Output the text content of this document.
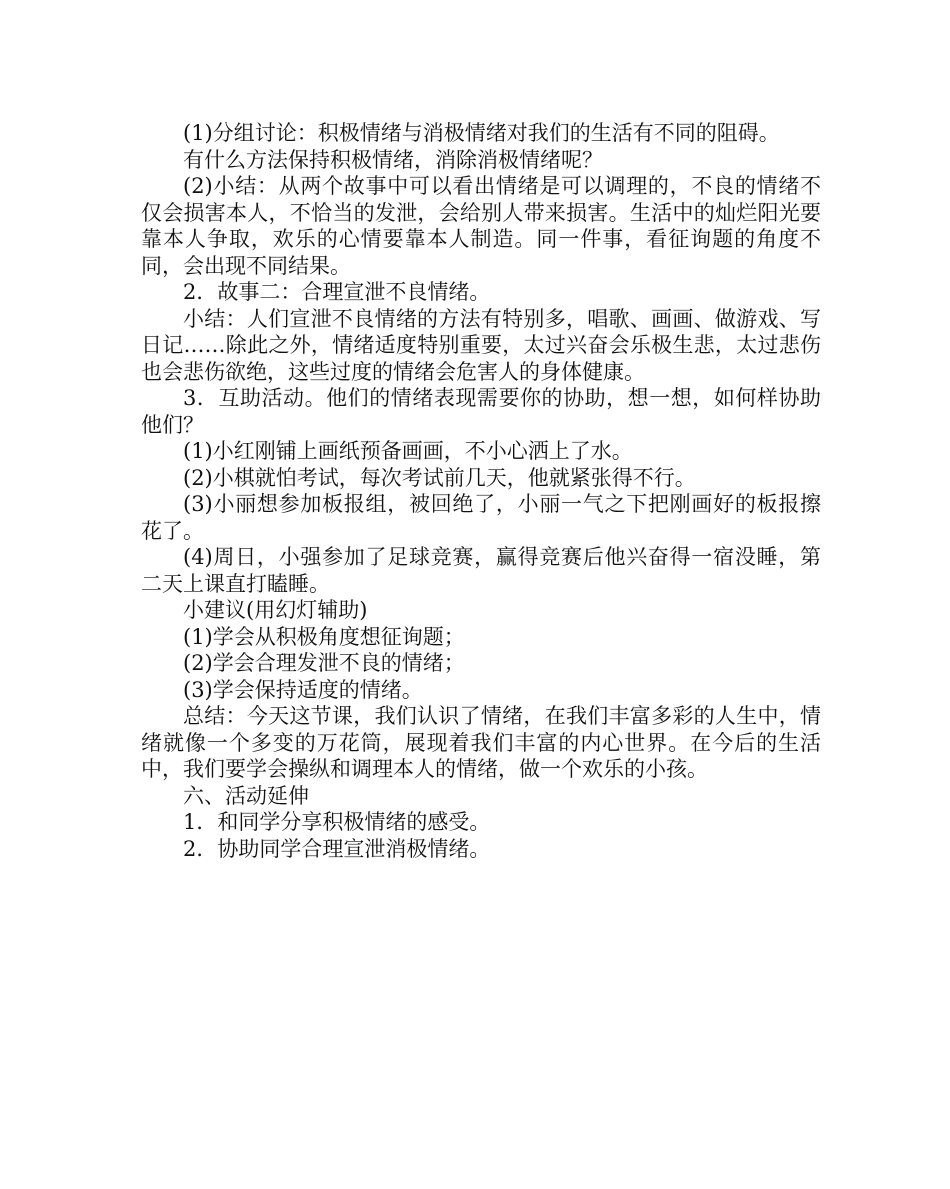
(1)分组讨论：积极情绪与消极情绪对我们的生活有不同的阻碍。

有什么方法保持积极情绪，消除消极情绪呢？

(2)小结：从两个故事中可以看出情绪是可以调理的，不良的情绪不仅会损害本人，不恰当的发泄，会给别人带来损害。生活中的灿烂阳光要靠本人争取，欢乐的心情要靠本人制造。同一件事，看征询题的角度不同，会出现不同结果。

2．故事二：合理宣泄不良情绪。

小结：人们宣泄不良情绪的方法有特别多，唱歌、画画、做游戏、写日记……除此之外，情绪适度特别重要，太过兴奋会乐极生悲，太过悲伤也会悲伤欲绝，这些过度的情绪会危害人的身体健康。

3．互助活动。他们的情绪表现需要你的协助，想一想，如何样协助他们？

(1)小红刚铺上画纸预备画画，不小心洒上了水。

(2)小棋就怕考试，每次考试前几天，他就紧张得不行。

(3)小丽想参加板报组，被回绝了，小丽一气之下把刚画好的板报擦花了。

(4)周日，小强参加了足球竞赛，赢得竞赛后他兴奋得一宿没睡，第二天上课直打瞌睡。

小建议(用幻灯辅助)

(1)学会从积极角度想征询题；

(2)学会合理发泄不良的情绪；

(3)学会保持适度的情绪。

总结：今天这节课，我们认识了情绪，在我们丰富多彩的人生中，情绪就像一个多变的万花筒，展现着我们丰富的内心世界。在今后的生活中，我们要学会操纵和调理本人的情绪，做一个欢乐的小孩。

六、活动延伸

1．和同学分享积极情绪的感受。

2．协助同学合理宣泄消极情绪。
